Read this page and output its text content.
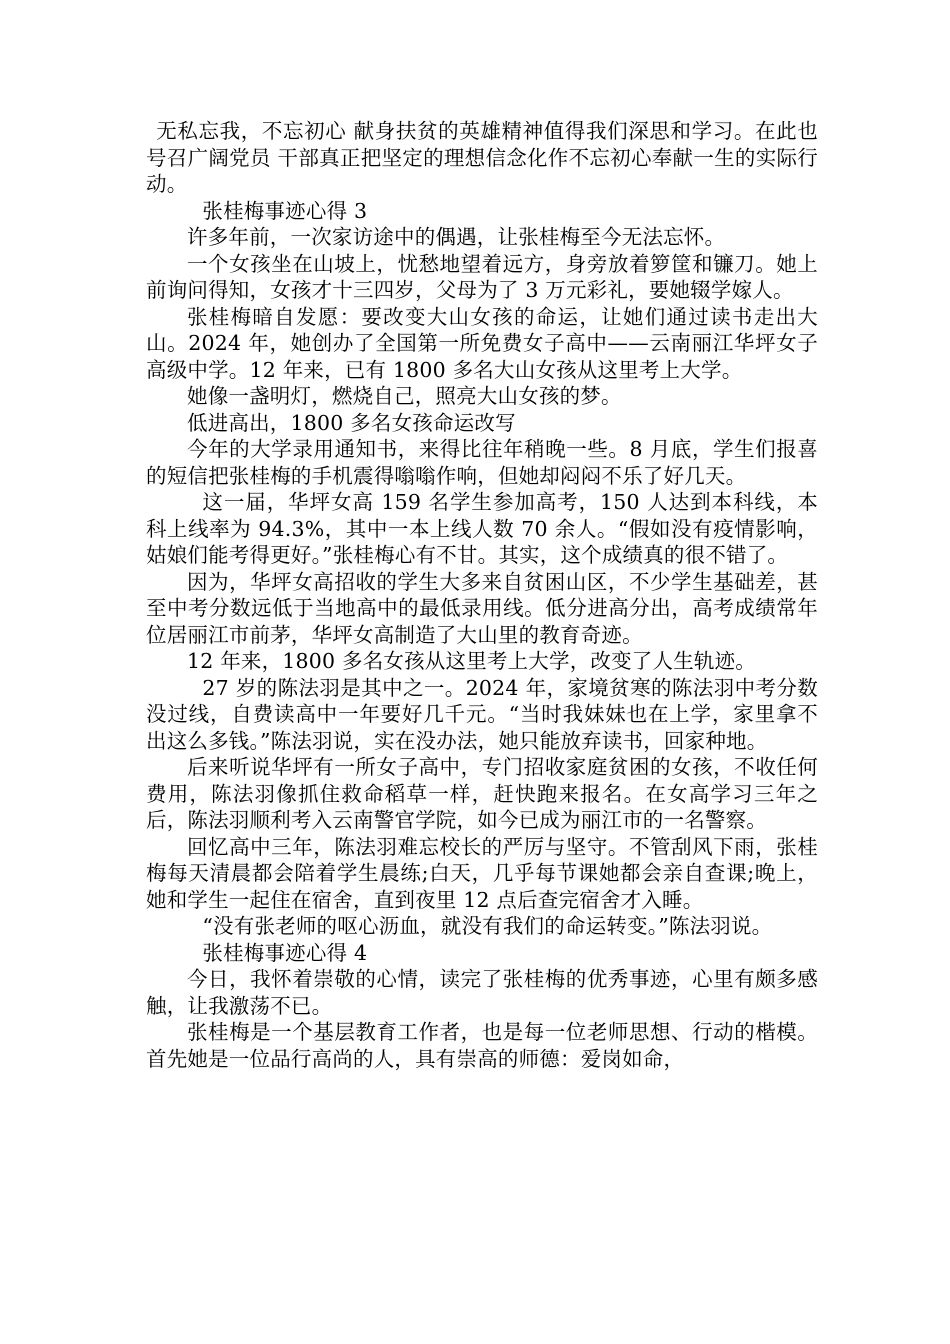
无私忘我，不忘初心 献身扶贫的英雄精神值得我们深思和学习。在此也号召广阔党员 干部真正把坚定的理想信念化作不忘初心奉献一生的实际行动。

张桂梅事迹心得 3

许多年前，一次家访途中的偶遇，让张桂梅至今无法忘怀。

一个女孩坐在山坡上，忧愁地望着远方，身旁放着箩筐和镰刀。她上前询问得知，女孩才十三四岁，父母为了 3 万元彩礼，要她辍学嫁人。

张桂梅暗自发愿：要改变大山女孩的命运，让她们通过读书走出大山。2024 年，她创办了全国第一所免费女子高中——云南丽江华坪女子高级中学。12 年来，已有 1800 多名大山女孩从这里考上大学。

她像一盏明灯，燃烧自己，照亮大山女孩的梦。

低进高出，1800 多名女孩命运改写

今年的大学录用通知书，来得比往年稍晚一些。8 月底，学生们报喜的短信把张桂梅的手机震得嗡嗡作响，但她却闷闷不乐了好几天。

这一届，华坪女高 159 名学生参加高考，150 人达到本科线，本科上线率为 94.3%，其中一本上线人数 70 余人。“假如没有疫情影响，姑娘们能考得更好。”张桂梅心有不甘。其实，这个成绩真的很不错了。

因为，华坪女高招收的学生大多来自贫困山区，不少学生基础差，甚至中考分数远低于当地高中的最低录用线。低分进高分出，高考成绩常年位居丽江市前茅，华坪女高制造了大山里的教育奇迹。

12 年来，1800 多名女孩从这里考上大学，改变了人生轨迹。

27 岁的陈法羽是其中之一。2024 年，家境贫寒的陈法羽中考分数没过线，自费读高中一年要好几千元。“当时我妹妹也在上学，家里拿不出这么多钱。”陈法羽说，实在没办法，她只能放弃读书，回家种地。

后来听说华坪有一所女子高中，专门招收家庭贫困的女孩，不收任何费用，陈法羽像抓住救命稻草一样，赶快跑来报名。在女高学习三年之后，陈法羽顺利考入云南警官学院，如今已成为丽江市的一名警察。

回忆高中三年，陈法羽难忘校长的严厉与坚守。不管刮风下雨，张桂梅每天清晨都会陪着学生晨练;白天，几乎每节课她都会亲自查课;晚上，她和学生一起住在宿舍，直到夜里 12 点后查完宿舍才入睡。

“没有张老师的呕心沥血，就没有我们的命运转变。”陈法羽说。

张桂梅事迹心得 4

今日，我怀着崇敬的心情，读完了张桂梅的优秀事迹，心里有颇多感触，让我激荡不已。

张桂梅是一个基层教育工作者，也是每一位老师思想、行动的楷模。首先她是一位品行高尚的人，具有崇高的师德：爱岗如命，
